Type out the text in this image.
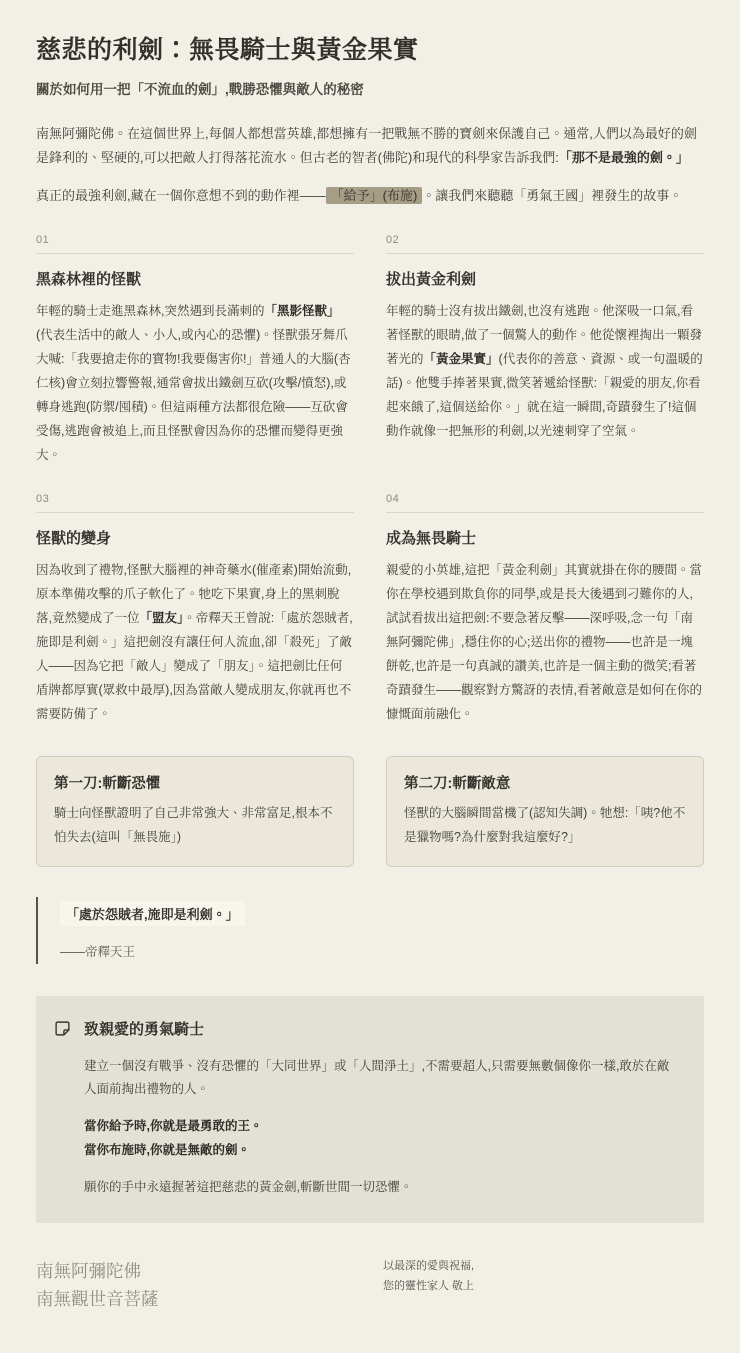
慈悲的利劍：無畏騎士與黃金果實
關於如何用一把「不流血的劍」,戰勝恐懼與敵人的秘密

南無阿彌陀佛。在這個世界上,每個人都想當英雄,都想擁有一把戰無不勝的寶劍來保護自己。通常,人們以為最好的劍是鋒利的、堅硬的,可以把敵人打得落花流水。但古老的智者(佛陀)和現代的科學家告訴我們:「那不是最強的劍。」

真正的最強利劍,藏在一個你意想不到的動作裡—— 「給予」(布施) 。讓我們來聽聽「勇氣王國」裡發生的故事。

01
黑森林裡的怪獸

年輕的騎士走進黑森林,突然遇到長滿刺的「黑影怪獸」(代表生活中的敵人、小人,或內心的恐懼)。怪獸張牙舞爪大喊:「我要搶走你的寶物!我要傷害你!」普通人的大腦(杏仁核)會立刻拉響警報,通常會拔出鐵劍互砍(攻擊/憤怒),或轉身逃跑(防禦/囤積)。但這兩種方法都很危險——互砍會受傷,逃跑會被追上,而且怪獸會因為你的恐懼而變得更強大。

02
拔出黃金利劍

年輕的騎士沒有拔出鐵劍,也沒有逃跑。他深吸一口氣,看著怪獸的眼睛,做了一個驚人的動作。他從懷裡掏出一顆發著光的「黃金果實」(代表你的善意、資源、或一句溫暖的話)。他雙手捧著果實,微笑著遞給怪獸:「親愛的朋友,你看起來餓了,這個送給你。」就在這一瞬間,奇蹟發生了!這個動作就像一把無形的利劍,以光速刺穿了空氣。

03
怪獸的變身

因為收到了禮物,怪獸大腦裡的神奇藥水(催產素)開始流動,原本準備攻擊的爪子軟化了。牠吃下果實,身上的黑刺脫落,竟然變成了一位「盟友」。帝釋天王曾說:「處於怨賊者,施即是利劍。」這把劍沒有讓任何人流血,卻「殺死」了敵人——因為它把「敵人」變成了「朋友」。這把劍比任何盾牌都厚實(眾救中最厚),因為當敵人變成朋友,你就再也不需要防備了。

04
成為無畏騎士

親愛的小英雄,這把「黃金利劍」其實就掛在你的腰間。當你在學校遇到欺負你的同學,或是長大後遇到刁難你的人,試試看拔出這把劍:不要急著反擊——深呼吸,念一句「南無阿彌陀佛」,穩住你的心;送出你的禮物——也許是一塊餅乾,也許是一句真誠的讚美,也許是一個主動的微笑;看著奇蹟發生——觀察對方驚訝的表情,看著敵意是如何在你的慷慨面前融化。

第一刀:斬斷恐懼
騎士向怪獸證明了自己非常強大、非常富足,根本不怕失去(這叫「無畏施」)
第二刀:斬斷敵意
怪獸的大腦瞬間當機了(認知失調)。牠想:「咦?他不是獵物嗎?為什麼對我這麼好?」
「處於怨賊者,施即是利劍。」
——帝釋天王
致親愛的勇氣騎士
建立一個沒有戰爭、沒有恐懼的「大同世界」或「人間淨土」,不需要超人,只需要無數個像你一樣,敢於在敵人面前掏出禮物的人。
當你給予時,你就是最勇敢的王。
當你布施時,你就是無敵的劍。
願你的手中永遠握著這把慈悲的黃金劍,斬斷世間一切恐懼。
南無阿彌陀佛
南無觀世音菩薩
以最深的愛與祝福,
您的靈性家人 敬上
